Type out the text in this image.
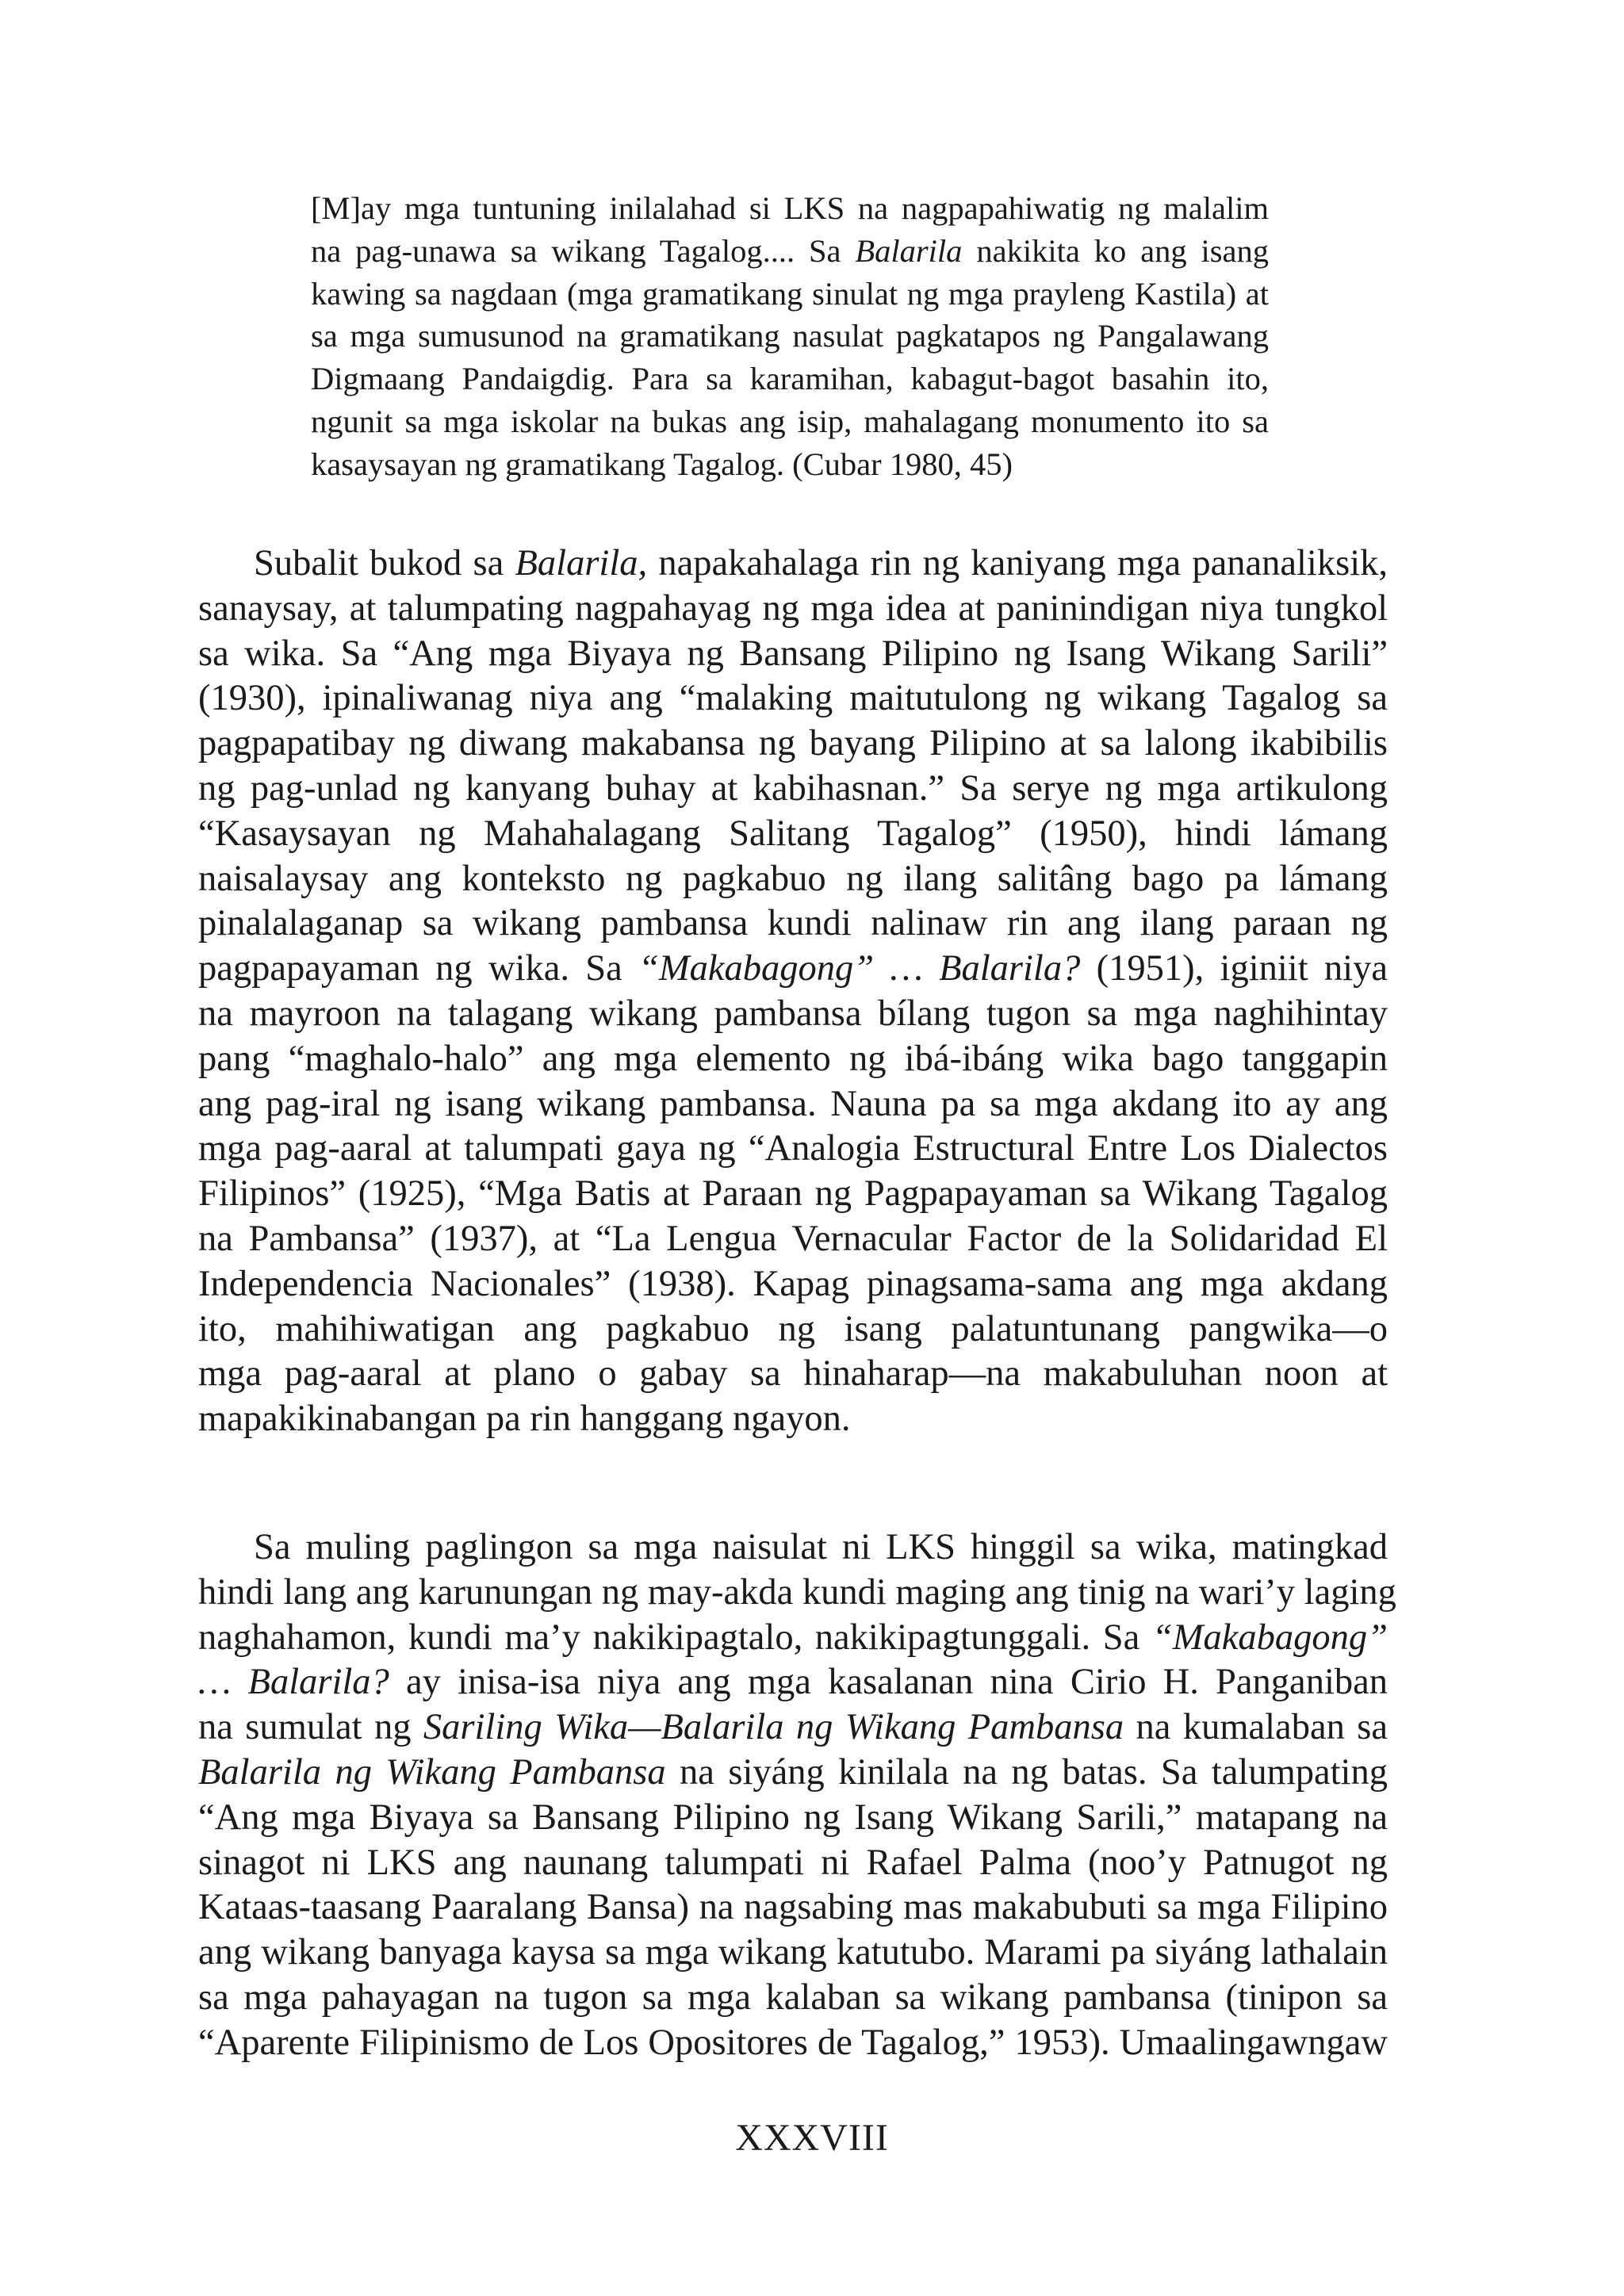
[M]ay mga tuntuning inilalahad si LKS na nagpapahiwatig ng malalim
na pag-unawa sa wikang Tagalog.... Sa Balarila nakikita ko ang isang
kawing sa nagdaan (mga gramatikang sinulat ng mga prayleng Kastila) at
sa mga sumusunod na gramatikang nasulat pagkatapos ng Pangalawang
Digmaang Pandaigdig. Para sa karamihan, kabagut-bagot basahin ito,
ngunit sa mga iskolar na bukas ang isip, mahalagang monumento ito sa
kasaysayan ng gramatikang Tagalog. (Cubar 1980, 45)
Subalit bukod sa Balarila, napakahalaga rin ng kaniyang mga pananaliksik,
sanaysay, at talumpating nagpahayag ng mga idea at paninindigan niya tungkol
sa wika. Sa “Ang mga Biyaya ng Bansang Pilipino ng Isang Wikang Sarili”
(1930), ipinaliwanag niya ang “malaking maitutulong ng wikang Tagalog sa
pagpapatibay ng diwang makabansa ng bayang Pilipino at sa lalong ikabibilis
ng pag-unlad ng kanyang buhay at kabihasnan.” Sa serye ng mga artikulong
“Kasaysayan ng Mahahalagang Salitang Tagalog” (1950), hindi lámang
naisalaysay ang konteksto ng pagkabuo ng ilang salitâng bago pa lámang
pinalalaganap sa wikang pambansa kundi nalinaw rin ang ilang paraan ng
pagpapayaman ng wika. Sa “Makabagong” … Balarila? (1951), iginiit niya
na mayroon na talagang wikang pambansa bílang tugon sa mga naghihintay
pang “maghalo-halo” ang mga elemento ng ibá-ibáng wika bago tanggapin
ang pag-iral ng isang wikang pambansa. Nauna pa sa mga akdang ito ay ang
mga pag-aaral at talumpati gaya ng “Analogia Estructural Entre Los Dialectos
Filipinos” (1925), “Mga Batis at Paraan ng Pagpapayaman sa Wikang Tagalog
na Pambansa” (1937), at “La Lengua Vernacular Factor de la Solidaridad El
Independencia Nacionales” (1938). Kapag pinagsama-sama ang mga akdang
ito, mahihiwatigan ang pagkabuo ng isang palatuntunang pangwika—o
mga pag-aaral at plano o gabay sa hinaharap—na makabuluhan noon at
mapakikinabangan pa rin hanggang ngayon.
Sa muling paglingon sa mga naisulat ni LKS hinggil sa wika, matingkad
hindi lang ang karunungan ng may-akda kundi maging ang tinig na wari’y laging
naghahamon, kundi ma’y nakikipagtalo, nakikipagtunggali. Sa “Makabagong”
… Balarila? ay inisa-isa niya ang mga kasalanan nina Cirio H. Panganiban
na sumulat ng Sariling Wika—Balarila ng Wikang Pambansa na kumalaban sa
Balarila ng Wikang Pambansa na siyáng kinilala na ng batas. Sa talumpating
“Ang mga Biyaya sa Bansang Pilipino ng Isang Wikang Sarili,” matapang na
sinagot ni LKS ang naunang talumpati ni Rafael Palma (noo’y Patnugot ng
Kataas-taasang Paaralang Bansa) na nagsabing mas makabubuti sa mga Filipino
ang wikang banyaga kaysa sa mga wikang katutubo. Marami pa siyáng lathalain
sa mga pahayagan na tugon sa mga kalaban sa wikang pambansa (tinipon sa
“Aparente Filipinismo de Los Opositores de Tagalog,” 1953). Umaalingawngaw
XXXVIII
